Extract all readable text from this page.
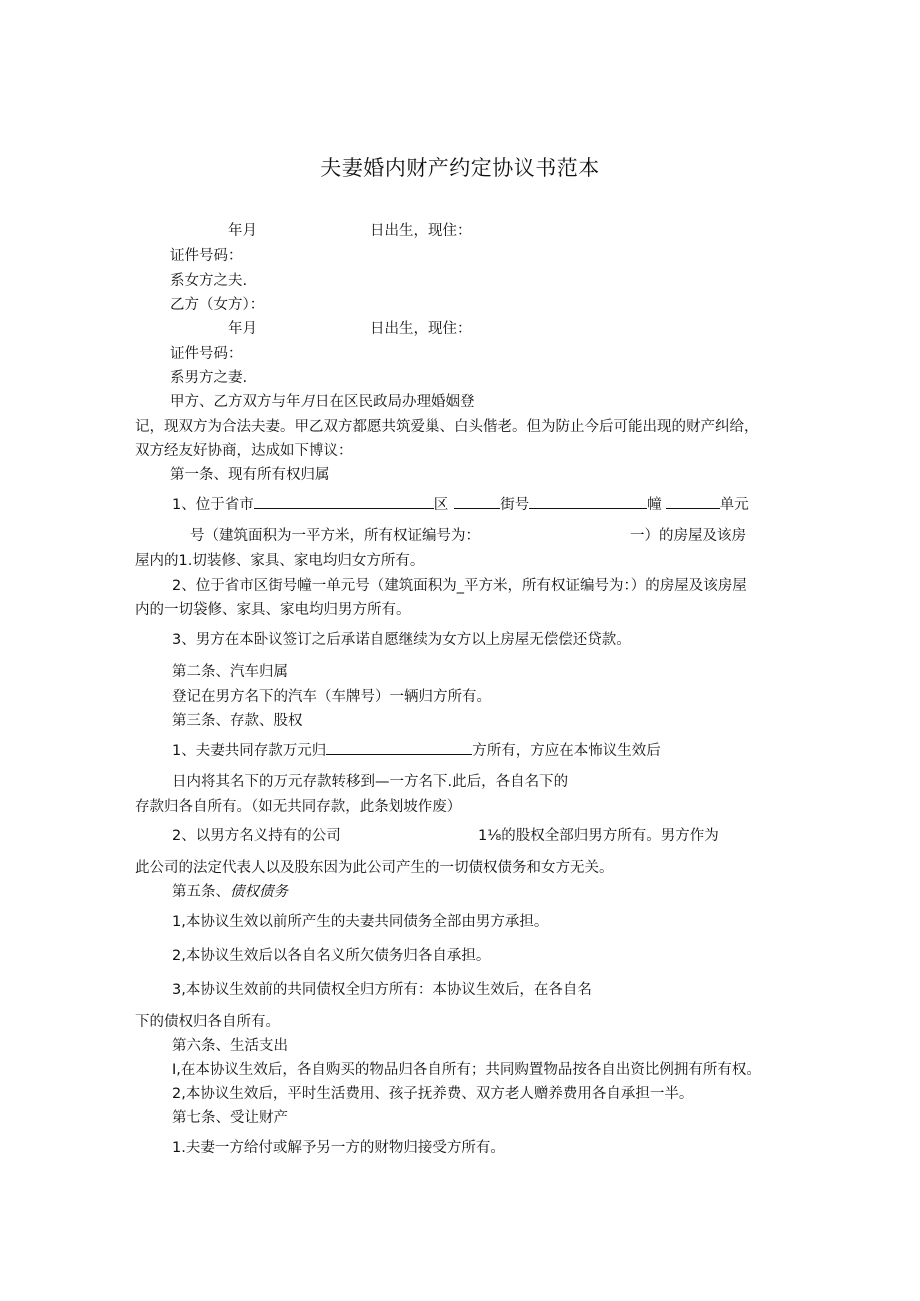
夫妻婚内财产约定协议书范本
年月	日出生，现住：
证件号码：
系女方之夫.
乙方（女方）：
年月	日出生，现住：
证件号码：
系男方之妻.
甲方、乙方双方与年月日在区民政局办理婚姻登
记，现双方为合法夫妻。甲乙双方都愿共筑爱巢、白头偕老。但为防止今后可能出现的财产纠给，
双方经友好协商，达成如下博议：
第一条、现有所有权归属
1、位于省市	区	街号	幢	单元
号（建筑面积为一平方米，所有权证编号为：	一）的房屋及该房
屋内的1.切装修、家具、家电均归女方所有。
2、位于省市区街号幢一单元号（建筑面积为_平方米，所有权证编号为：）的房屋及该房屋
内的一切袋修、家具、家电均归男方所有。
3、男方在本卧议签订之后承诺自愿继续为女方以上房屋无偿偿还贷款。
第二条、汽车归属
登记在男方名下的汽车（车牌号）一辆归方所有。
第三条、存款、股权
1、夫妻共同存款万元归	方所有，方应在本怖议生效后
日内将其名下的万元存款转移到—一方名下.此后，各自名下的
存款归各自所有。（如无共同存款，此条划坡作废）
2、以男方名义持有的公司	1⅛的股权全部归男方所有。男方作为
此公司的法定代表人以及股东因为此公司产生的一切债权债务和女方无关。
第五条、债权债务
1,本协议生效以前所产生的夫妻共同债务全部由男方承担。
2,本协议生效后以各自名义所欠债务归各自承担。
3,本协议生效前的共同债权全归方所有：本协议生效后，在各自名
下的债权归各自所有。
第六条、生活支出
I,在本协议生效后，各自购买的物品归各自所有；共同购置物品按各自出资比例拥有所有权。
2,本协议生效后，平时生活费用、孩子抚养费、双方老人赠养费用各自承担一半。
第七条、受让财产
1.夫妻一方给付或解予另一方的财物归接受方所有。
